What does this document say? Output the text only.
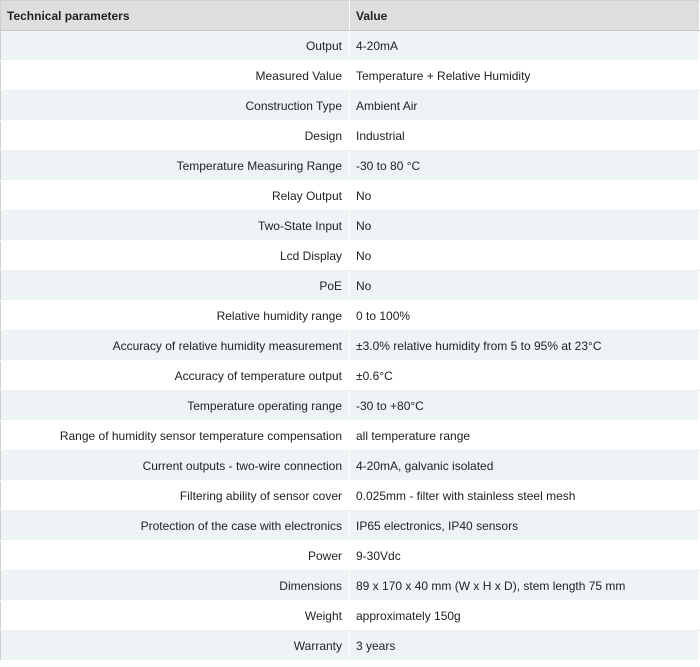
Technical parameters	Value
Output	4-20mA
Measured Value	Temperature + Relative Humidity
Construction Type	Ambient Air
Design	Industrial
Temperature Measuring Range	-30 to 80 °C
Relay Output	No
Two-State Input	No
Lcd Display	No
PoE	No
Relative humidity range	0 to 100%
Accuracy of relative humidity measurement	±3.0% relative humidity from 5 to 95% at 23°C
Accuracy of temperature output	±0.6°C
Temperature operating range	-30 to +80°C
Range of humidity sensor temperature compensation	all temperature range
Current outputs - two-wire connection	4-20mA, galvanic isolated
Filtering ability of sensor cover	0.025mm - filter with stainless steel mesh
Protection of the case with electronics	IP65 electronics, IP40 sensors
Power	9-30Vdc
Dimensions	89 x 170 x 40 mm (W x H x D), stem length 75 mm
Weight	approximately 150g
Warranty	3 years
